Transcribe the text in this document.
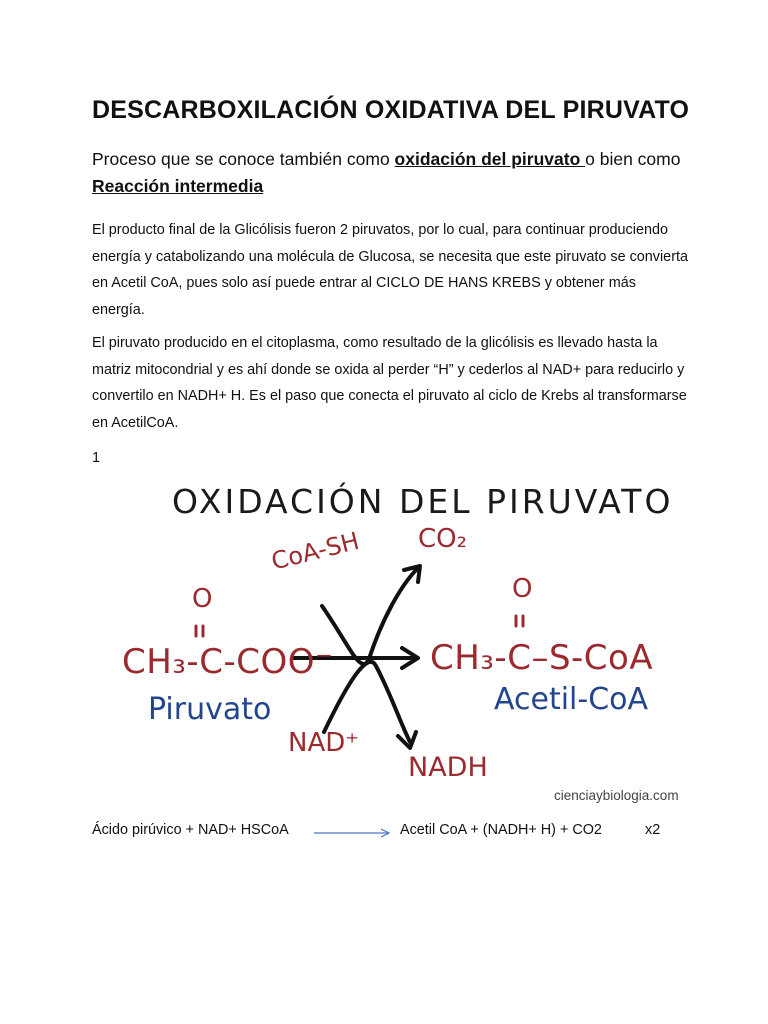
DESCARBOXILACIÓN OXIDATIVA DEL PIRUVATO
Proceso que se conoce también como oxidación del piruvato o bien como Reacción intermedia
El producto final de la Glicólisis fueron 2 piruvatos, por lo cual, para continuar produciendo energía y catabolizando una molécula de Glucosa, se necesita que este piruvato se convierta en Acetil CoA, pues solo así puede entrar al CICLO DE HANS KREBS y obtener más energía.
El piruvato producido en el citoplasma, como resultado de la glicólisis es llevado hasta la matriz mitocondrial y es ahí donde se oxida al perder “H” y cederlos al NAD+ para reducirlo y convertilo en NADH+ H. Es el paso que conecta el piruvato al ciclo de Krebs al transformarse en AcetilCoA.
1
OXIDACIÓN DEL PIRUVATO
CoA-SH CO₂
O	O
CH₃-C-COO⁻	CH₃-C–S-CoA
Piruvato	Acetil-CoA
NAD⁺
NADH
cienciaybiologia.com
Ácido pirúvico + NAD+ HSCoA	Acetil CoA + (NADH+ H) + CO2	x2
